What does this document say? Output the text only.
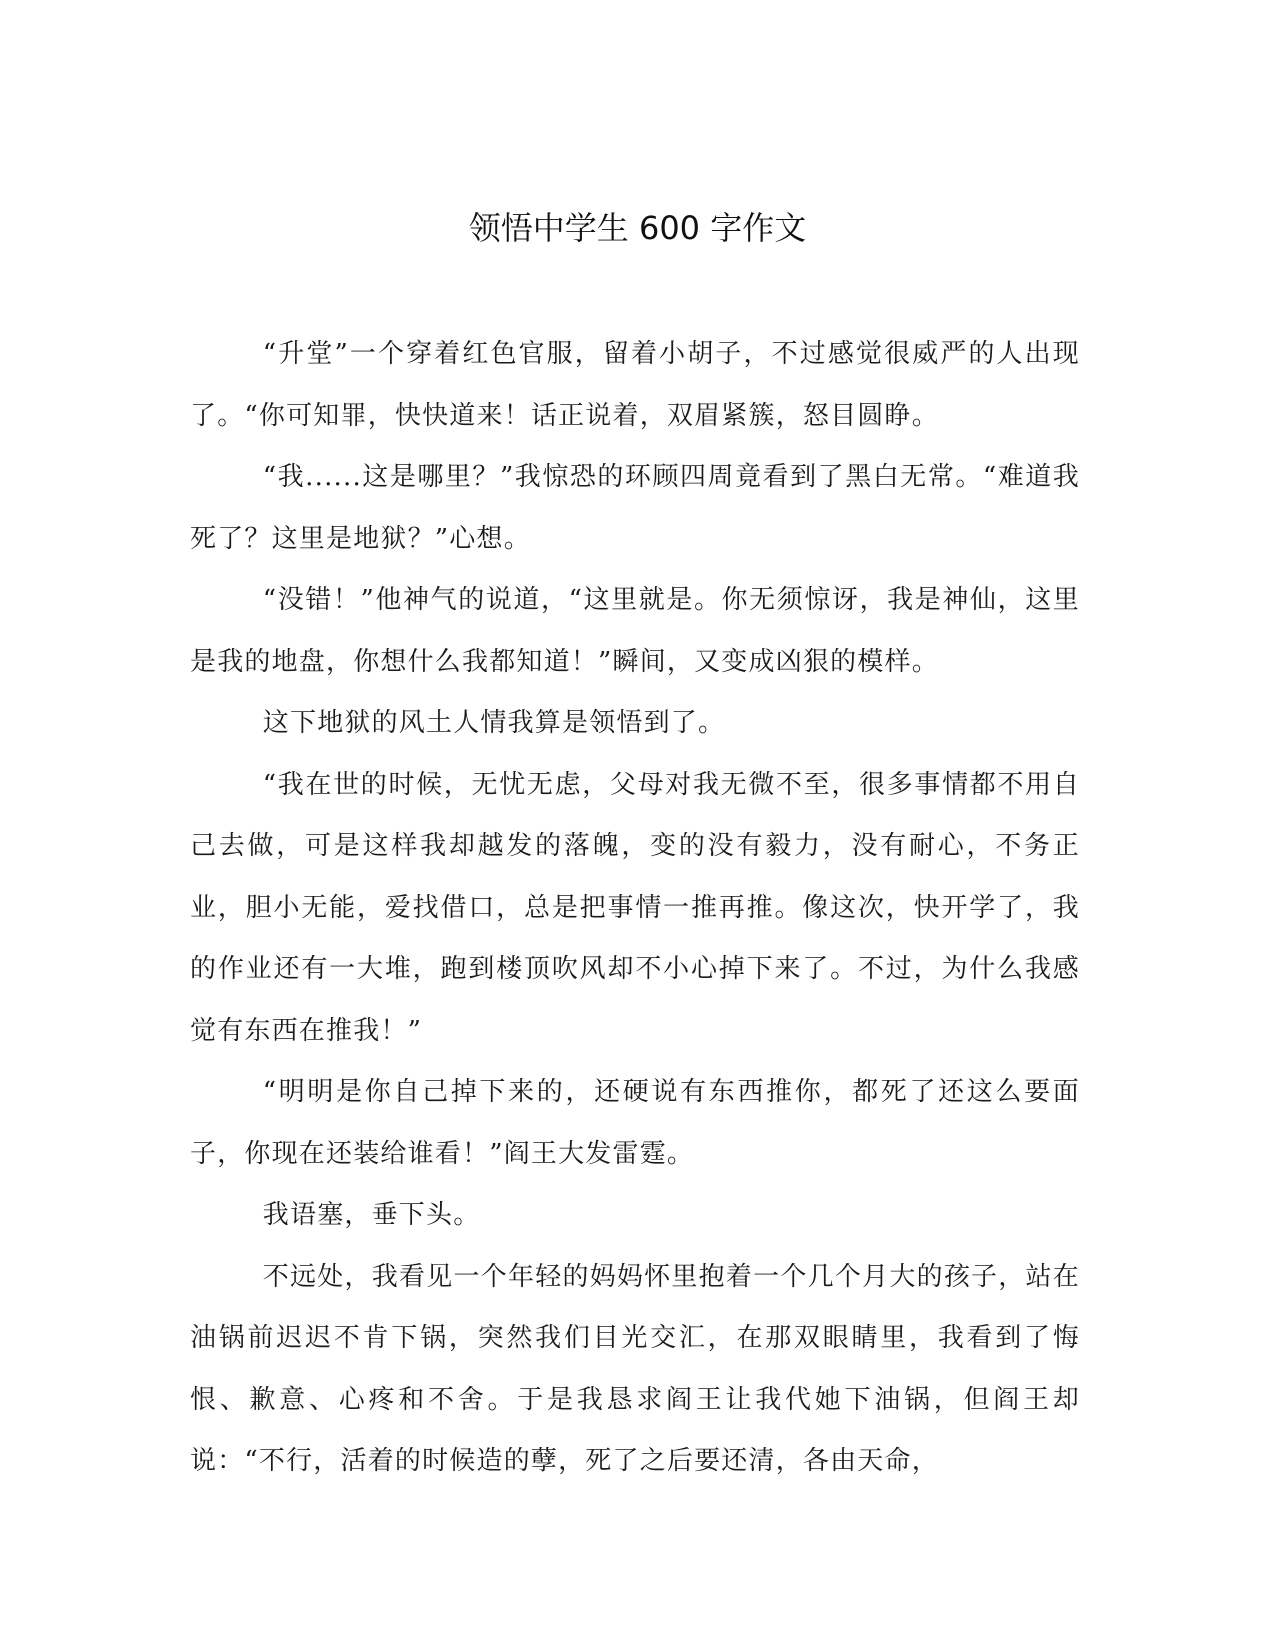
领悟中学生 600 字作文

“升堂”一个穿着红色官服，留着小胡子，不过感觉很威严的人出现了。“你可知罪，快快道来！话正说着，双眉紧簇，怒目圆睁。

“我......这是哪里？”我惊恐的环顾四周竟看到了黑白无常。“难道我死了？这里是地狱？”心想。

“没错！”他神气的说道，“这里就是。你无须惊讶，我是神仙，这里是我的地盘，你想什么我都知道！”瞬间，又变成凶狠的模样。

这下地狱的风土人情我算是领悟到了。

“我在世的时候，无忧无虑，父母对我无微不至，很多事情都不用自己去做，可是这样我却越发的落魄，变的没有毅力，没有耐心，不务正业，胆小无能，爱找借口，总是把事情一推再推。像这次，快开学了，我的作业还有一大堆，跑到楼顶吹风却不小心掉下来了。不过，为什么我感觉有东西在推我！”

“明明是你自己掉下来的，还硬说有东西推你，都死了还这么要面子，你现在还装给谁看！”阎王大发雷霆。

我语塞，垂下头。

不远处，我看见一个年轻的妈妈怀里抱着一个几个月大的孩子，站在油锅前迟迟不肯下锅，突然我们目光交汇，在那双眼睛里，我看到了悔恨、歉意、心疼和不舍。于是我恳求阎王让我代她下油锅，但阎王却说：“不行，活着的时候造的孽，死了之后要还清，各由天命，
